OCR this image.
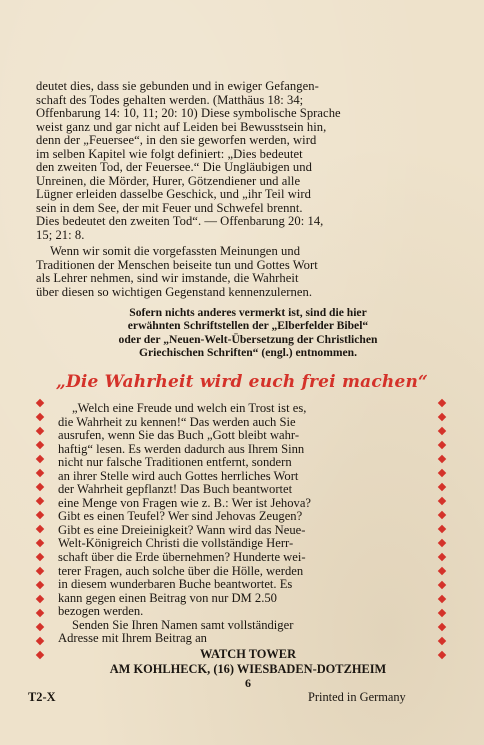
deutet dies, dass sie gebunden und in ewiger Gefangen-
schaft des Todes gehalten werden. (Matthäus 18: 34;
Offenbarung 14: 10, 11; 20: 10) Diese symbolische Sprache
weist ganz und gar nicht auf Leiden bei Bewusstsein hin,
denn der „Feuersee“, in den sie geworfen werden, wird
im selben Kapitel wie folgt definiert: „Dies bedeutet
den zweiten Tod, der Feuersee.“ Die Ungläubigen und
Unreinen, die Mörder, Hurer, Götzendiener und alle
Lügner erleiden dasselbe Geschick, und „ihr Teil wird
sein in dem See, der mit Feuer und Schwefel brennt.
Dies bedeutet den zweiten Tod“. — Offenbarung 20: 14,
15; 21: 8.
Wenn wir somit die vorgefassten Meinungen und
Traditionen der Menschen beiseite tun und Gottes Wort
als Lehrer nehmen, sind wir imstande, die Wahrheit
über diesen so wichtigen Gegenstand kennenzulernen.
Sofern nichts anderes vermerkt ist, sind die hier
erwähnten Schriftstellen der „Elberfelder Bibel“
oder der „Neuen-Welt-Übersetzung der Christlichen
Griechischen Schriften“ (engl.) entnommen.
„Die Wahrheit wird euch frei machen“
„Welch eine Freude und welch ein Trost ist es,
die Wahrheit zu kennen!“ Das werden auch Sie
ausrufen, wenn Sie das Buch „Gott bleibt wahr-
haftig“ lesen. Es werden dadurch aus Ihrem Sinn
nicht nur falsche Traditionen entfernt, sondern
an ihrer Stelle wird auch Gottes herrliches Wort
der Wahrheit gepflanzt! Das Buch beantwortet
eine Menge von Fragen wie z. B.: Wer ist Jehova?
Gibt es einen Teufel? Wer sind Jehovas Zeugen?
Gibt es eine Dreieinigkeit? Wann wird das Neue-
Welt-Königreich Christi die vollständige Herr-
schaft über die Erde übernehmen? Hunderte wei-
terer Fragen, auch solche über die Hölle, werden
in diesem wunderbaren Buche beantwortet. Es
kann gegen einen Beitrag von nur DM 2.50
bezogen werden.
Senden Sie Ihren Namen samt vollständiger
Adresse mit Ihrem Beitrag an
WATCH TOWER
AM KOHLHECK, (16) WIESBADEN-DOTZHEIM
6
T2-X	Printed in Germany
